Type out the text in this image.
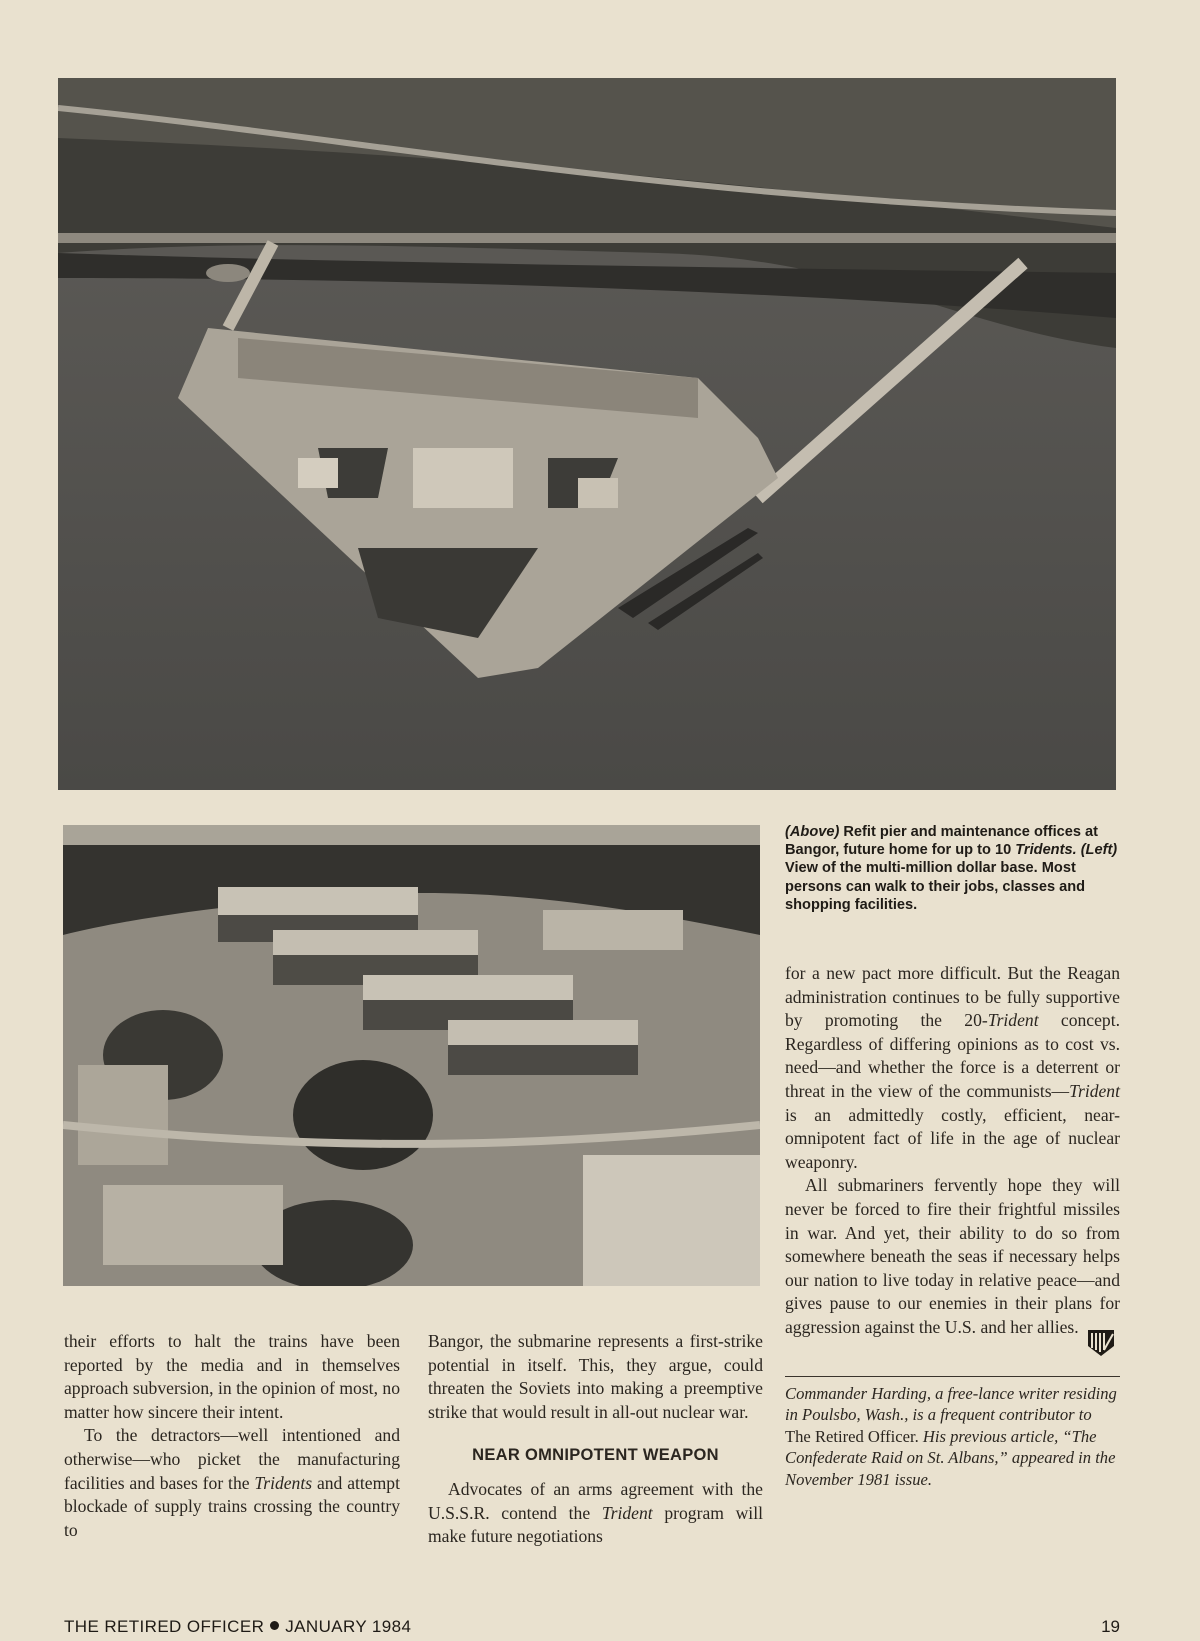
(Above) Refit pier and maintenance offices at Bangor, future home for up to 10 Tridents. (Left) View of the multi-million dollar base. Most persons can walk to their jobs, classes and shopping facilities.

their efforts to halt the trains have been reported by the media and in themselves approach subversion, in the opinion of most, no matter how sincere their intent.

To the detractors—well intentioned and otherwise—who picket the manufacturing facilities and bases for the Tridents and attempt blockade of supply trains crossing the country to

Bangor, the submarine represents a first-strike potential in itself. This, they argue, could threaten the Soviets into making a preemptive strike that would result in all-out nuclear war.

NEAR OMNIPOTENT WEAPON

Advocates of an arms agreement with the U.S.S.R. contend the Trident program will make future negotiations

for a new pact more difficult. But the Reagan administration continues to be fully supportive by promoting the 20-Trident concept. Regardless of differing opinions as to cost vs. need—and whether the force is a deterrent or threat in the view of the communists—Trident is an admittedly costly, efficient, near-omnipotent fact of life in the age of nuclear weaponry.

All submariners fervently hope they will never be forced to fire their frightful missiles in war. And yet, their ability to do so from somewhere beneath the seas if necessary helps our nation to live today in relative peace—and gives pause to our enemies in their plans for aggression against the U.S. and her allies.

Commander Harding, a free-lance writer residing in Poulsbo, Wash., is a frequent contributor to The Retired Officer. His previous article, “The Confederate Raid on St. Albans,” appeared in the November 1981 issue.

THE RETIRED OFFICER JANUARY 1984	19
